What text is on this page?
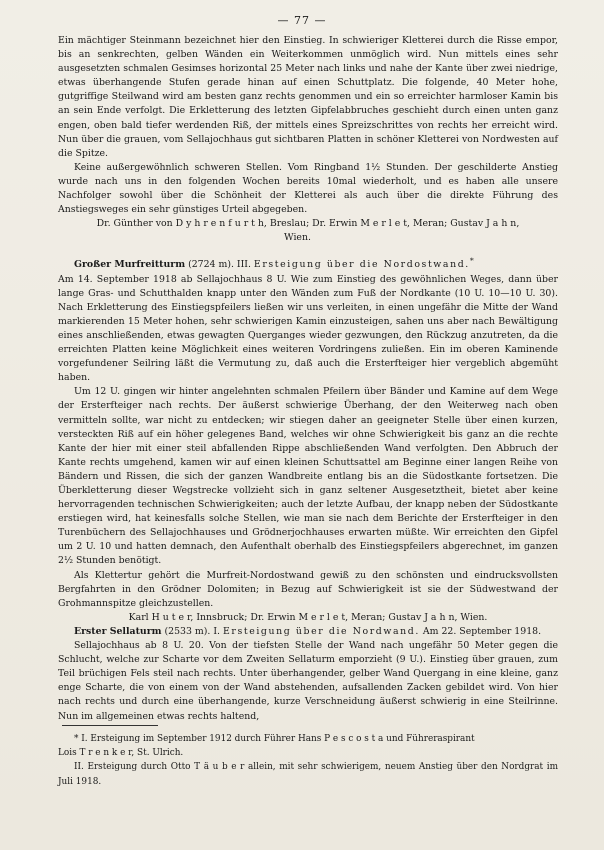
— 77 —

Ein mächtiger Steinmann bezeichnet hier den Einstieg. In schwieriger Kletterei durch die Risse empor, bis an senkrechten, gelben Wänden ein Weiterkommen unmöglich wird. Nun mittels eines sehr ausgesetzten schmalen Gesimses horizontal 25 Meter nach links und nahe der Kante über zwei niedrige, etwas überhangende Stufen gerade hinan auf einen Schuttplatz. Die folgende, 40 Meter hohe, gutgriffige Steilwand wird am besten ganz rechts genommen und ein so erreichter harmloser Kamin bis an sein Ende verfolgt. Die Erkletterung des letzten Gipfelabbruches geschieht durch einen unten ganz engen, oben bald tiefer werdenden Riß, der mittels eines Spreizschrittes von rechts her erreicht wird. Nun über die grauen, vom Sellajochhaus gut sichtbaren Platten in schöner Kletterei von Nordwesten auf die Spitze.

Keine außergewöhnlich schweren Stellen. Vom Ringband 1½ Stunden. Der geschilderte Anstieg wurde nach uns in den folgenden Wochen bereits 10mal wiederholt, und es haben alle unsere Nachfolger sowohl über die Schönheit der Kletterei als auch über die direkte Führung des Anstiegsweges ein sehr günstiges Urteil abgegeben.

Dr. Günther von D y h r e n f u r t h, Breslau; Dr. Erwin M e r l e t, Meran; Gustav J a h n,

Wien.

Großer Murfreitturm (2724 m). III. Ersteigung über die Nordostwand.*

Am 14. September 1918 ab Sellajochhaus 8 U. Wie zum Einstieg des gewöhnlichen Weges, dann über lange Gras- und Schutthalden knapp unter den Wänden zum Fuß der Nordkante (10 U. 10—10 U. 30). Nach Erkletterung des Einstiegspfeilers ließen wir uns verleiten, in einen ungefähr die Mitte der Wand markierenden 15 Meter hohen, sehr schwierigen Kamin einzusteigen, sahen uns aber nach Bewältigung eines anschließenden, etwas gewagten Querganges wieder gezwungen, den Rückzug anzutreten, da die erreichten Platten keine Möglichkeit eines weiteren Vordringens zuließen. Ein im oberen Kaminende vorgefundener Seilring läßt die Vermutung zu, daß auch die Ersterfteiger hier vergeblich abgemüht haben.

Um 12 U. gingen wir hinter angelehnten schmalen Pfeilern über Bänder und Kamine auf dem Wege der Ersterfteiger nach rechts. Der äußerst schwierige Überhang, der den Weiterweg nach oben vermitteln sollte, war nicht zu entdecken; wir stiegen daher an geeigneter Stelle über einen kurzen, versteckten Riß auf ein höher gelegenes Band, welches wir ohne Schwierigkeit bis ganz an die rechte Kante der hier mit einer steil abfallenden Rippe abschließenden Wand verfolgten. Den Abbruch der Kante rechts umgehend, kamen wir auf einen kleinen Schuttsattel am Beginne einer langen Reihe von Bändern und Rissen, die sich der ganzen Wandbreite entlang bis an die Südostkante fortsetzen. Die Überkletterung dieser Wegstrecke vollzieht sich in ganz seltener Ausgesetztheit, bietet aber keine hervorragenden technischen Schwierigkeiten; auch der letzte Aufbau, der knapp neben der Südostkante erstiegen wird, hat keinesfalls solche Stellen, wie man sie nach dem Berichte der Ersterfteiger in den Turenbüchern des Sellajochhauses und Grödnerjochhauses erwarten müßte. Wir erreichten den Gipfel um 2 U. 10 und hatten demnach, den Aufenthalt oberhalb des Einstiegspfeilers abgerechnet, im ganzen 2½ Stunden benötigt.

Als Klettertur gehört die Murfreit-Nordostwand gewiß zu den schönsten und eindrucksvollsten Bergfahrten in den Grödner Dolomiten; in Bezug auf Schwierigkeit ist sie der Südwestwand der Grohmannspitze gleichzustellen.

Karl H u t e r, Innsbruck; Dr. Erwin M e r l e t, Meran; Gustav J a h n, Wien.

Erster Sellaturm (2533 m). I. Ersteigung über die Nordwand. Am 22. September 1918.

Sellajochhaus ab 8 U. 20. Von der tiefsten Stelle der Wand nach ungefähr 50 Meter gegen die Schlucht, welche zur Scharte vor dem Zweiten Sellaturm emporzieht (9 U.). Einstieg über grauen, zum Teil brüchigen Fels steil nach rechts. Unter überhangender, gelber Wand Quergang in eine kleine, ganz enge Scharte, die von einem von der Wand abstehenden, aufsallenden Zacken gebildet wird. Von hier nach rechts und durch eine überhangende, kurze Verschneidung äußerst schwierig in eine Steilrinne. Nun im allgemeinen etwas rechts haltend,

* I. Ersteigung im September 1912 durch Führer Hans P e s c o s t a und Führeraspirant

Lois T r e n k e r, St. Ulrich.

II. Ersteigung durch Otto T ä u b e r allein, mit sehr schwierigem, neuem Anstieg über den Nordgrat im Juli 1918.
